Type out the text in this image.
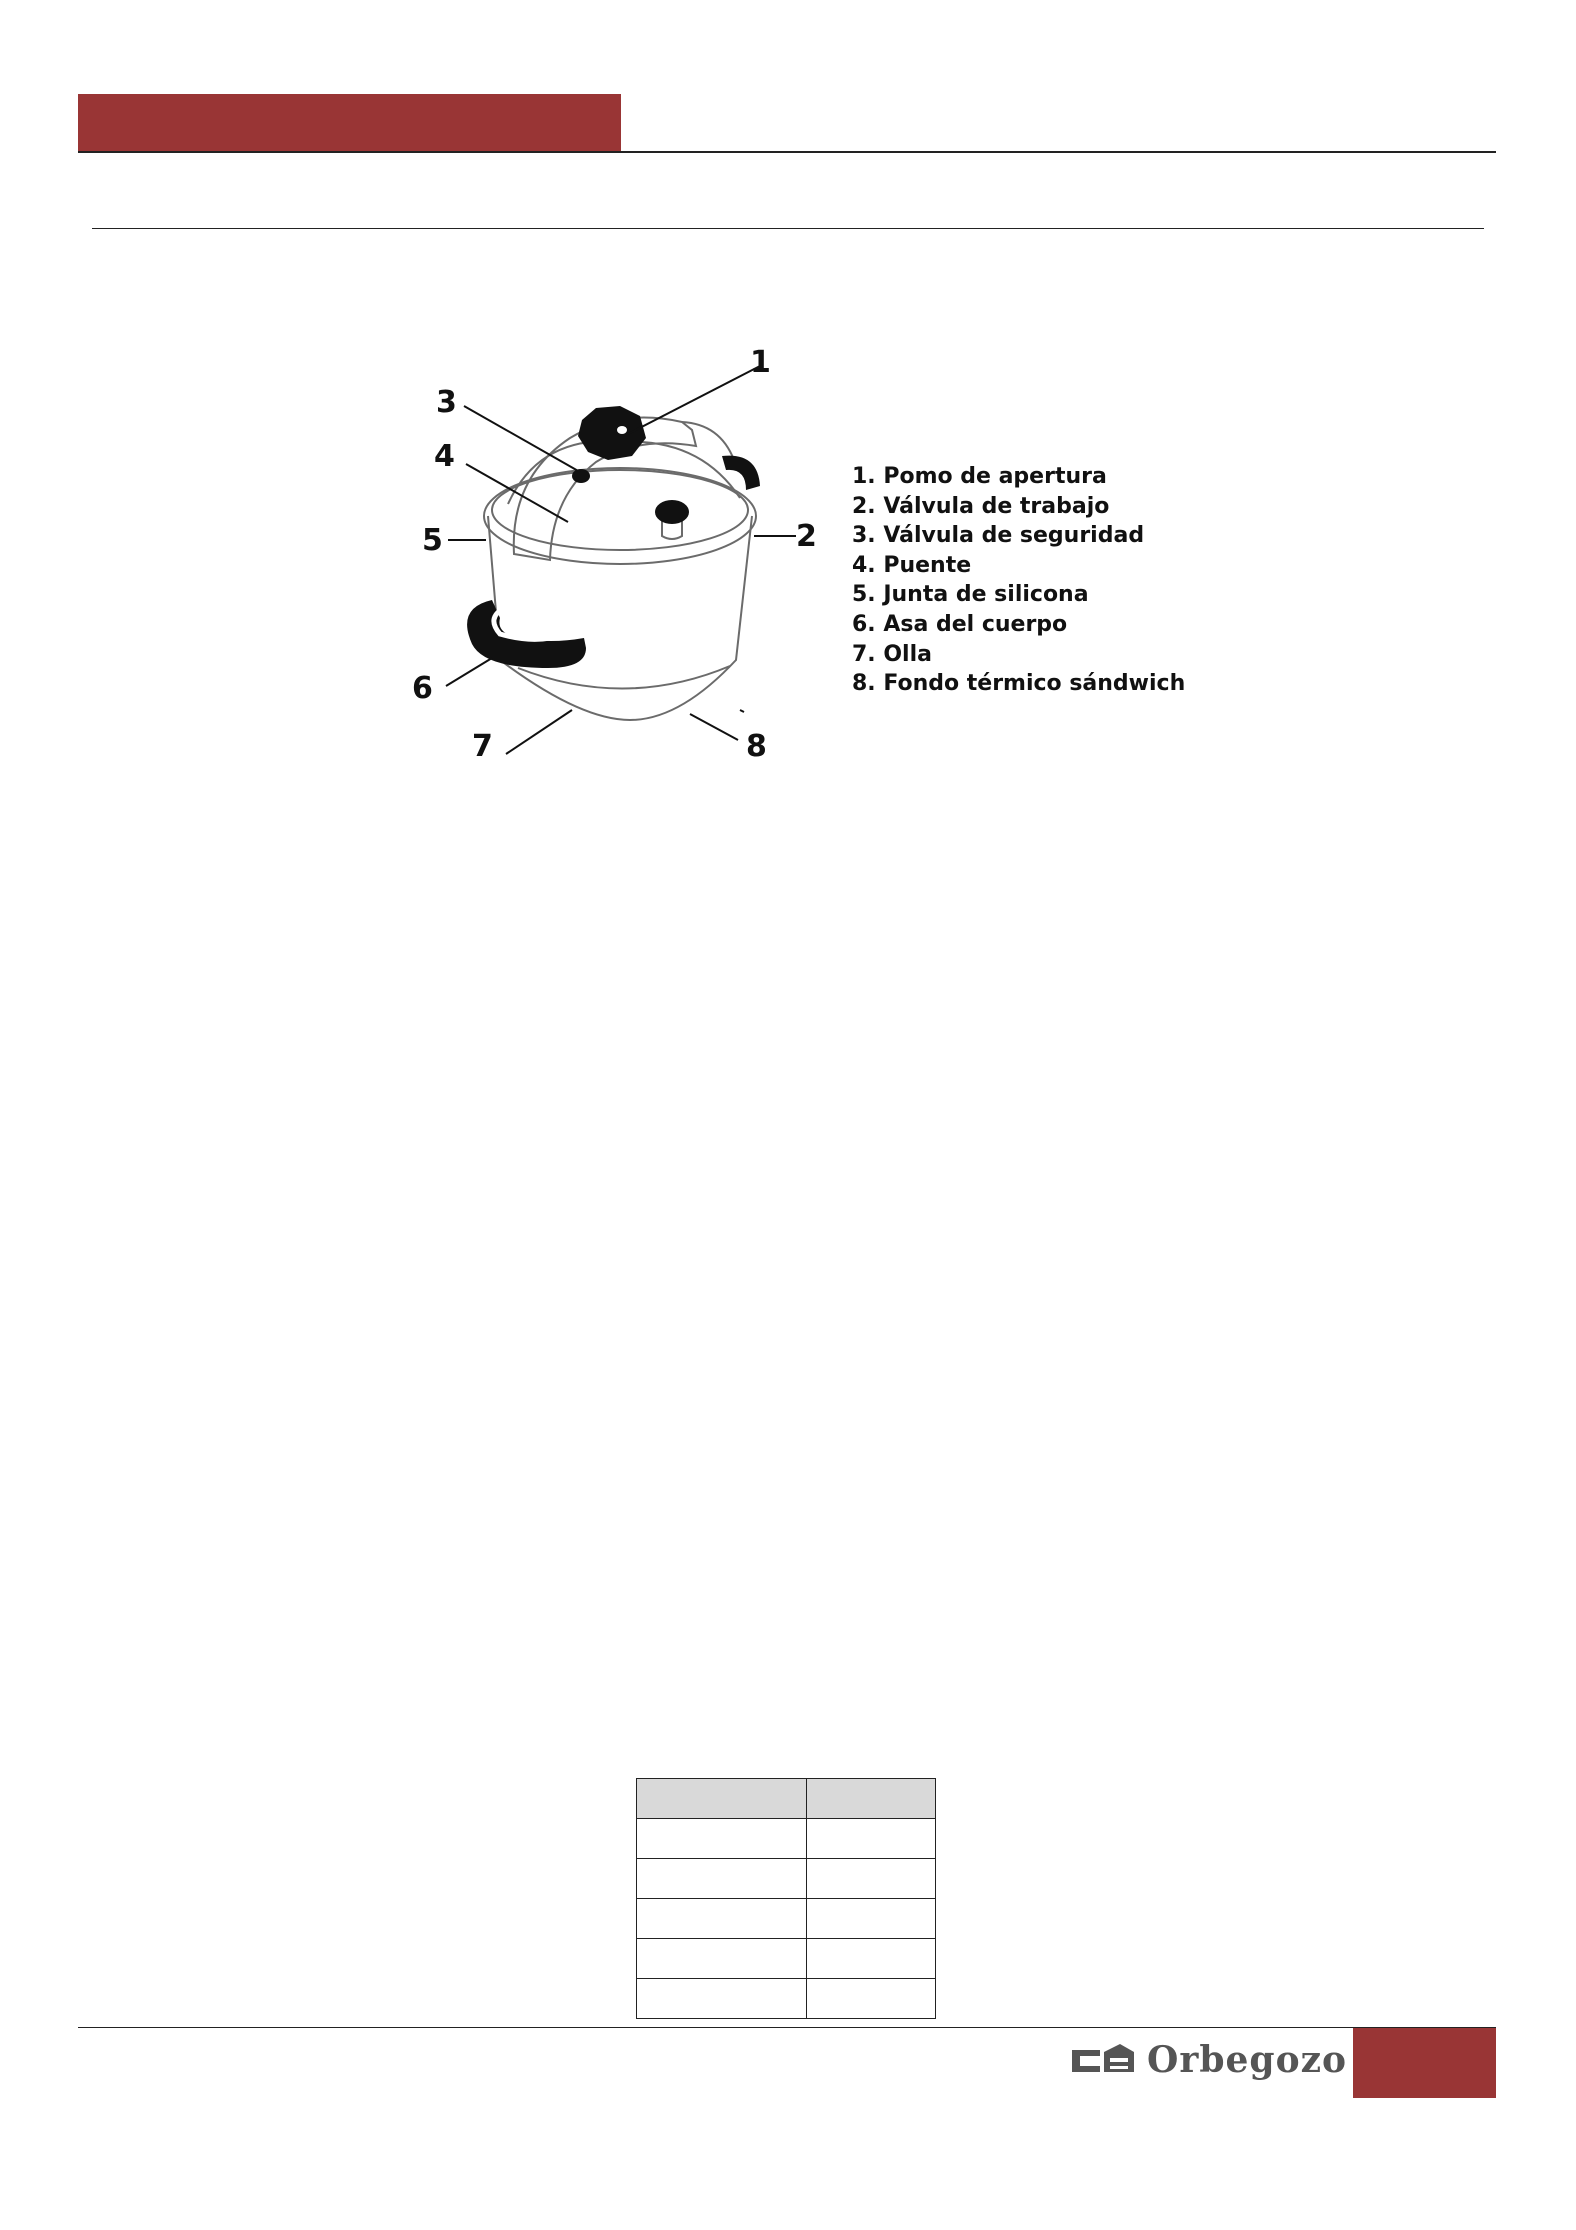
1
2
3
4
5
6
7	8
1. Pomo de apertura
2. Válvula de trabajo
3. Válvula de seguridad
4. Puente
5. Junta de silicona
6. Asa del cuerpo
7. Olla
8. Fondo térmico sándwich

Orbegozo
